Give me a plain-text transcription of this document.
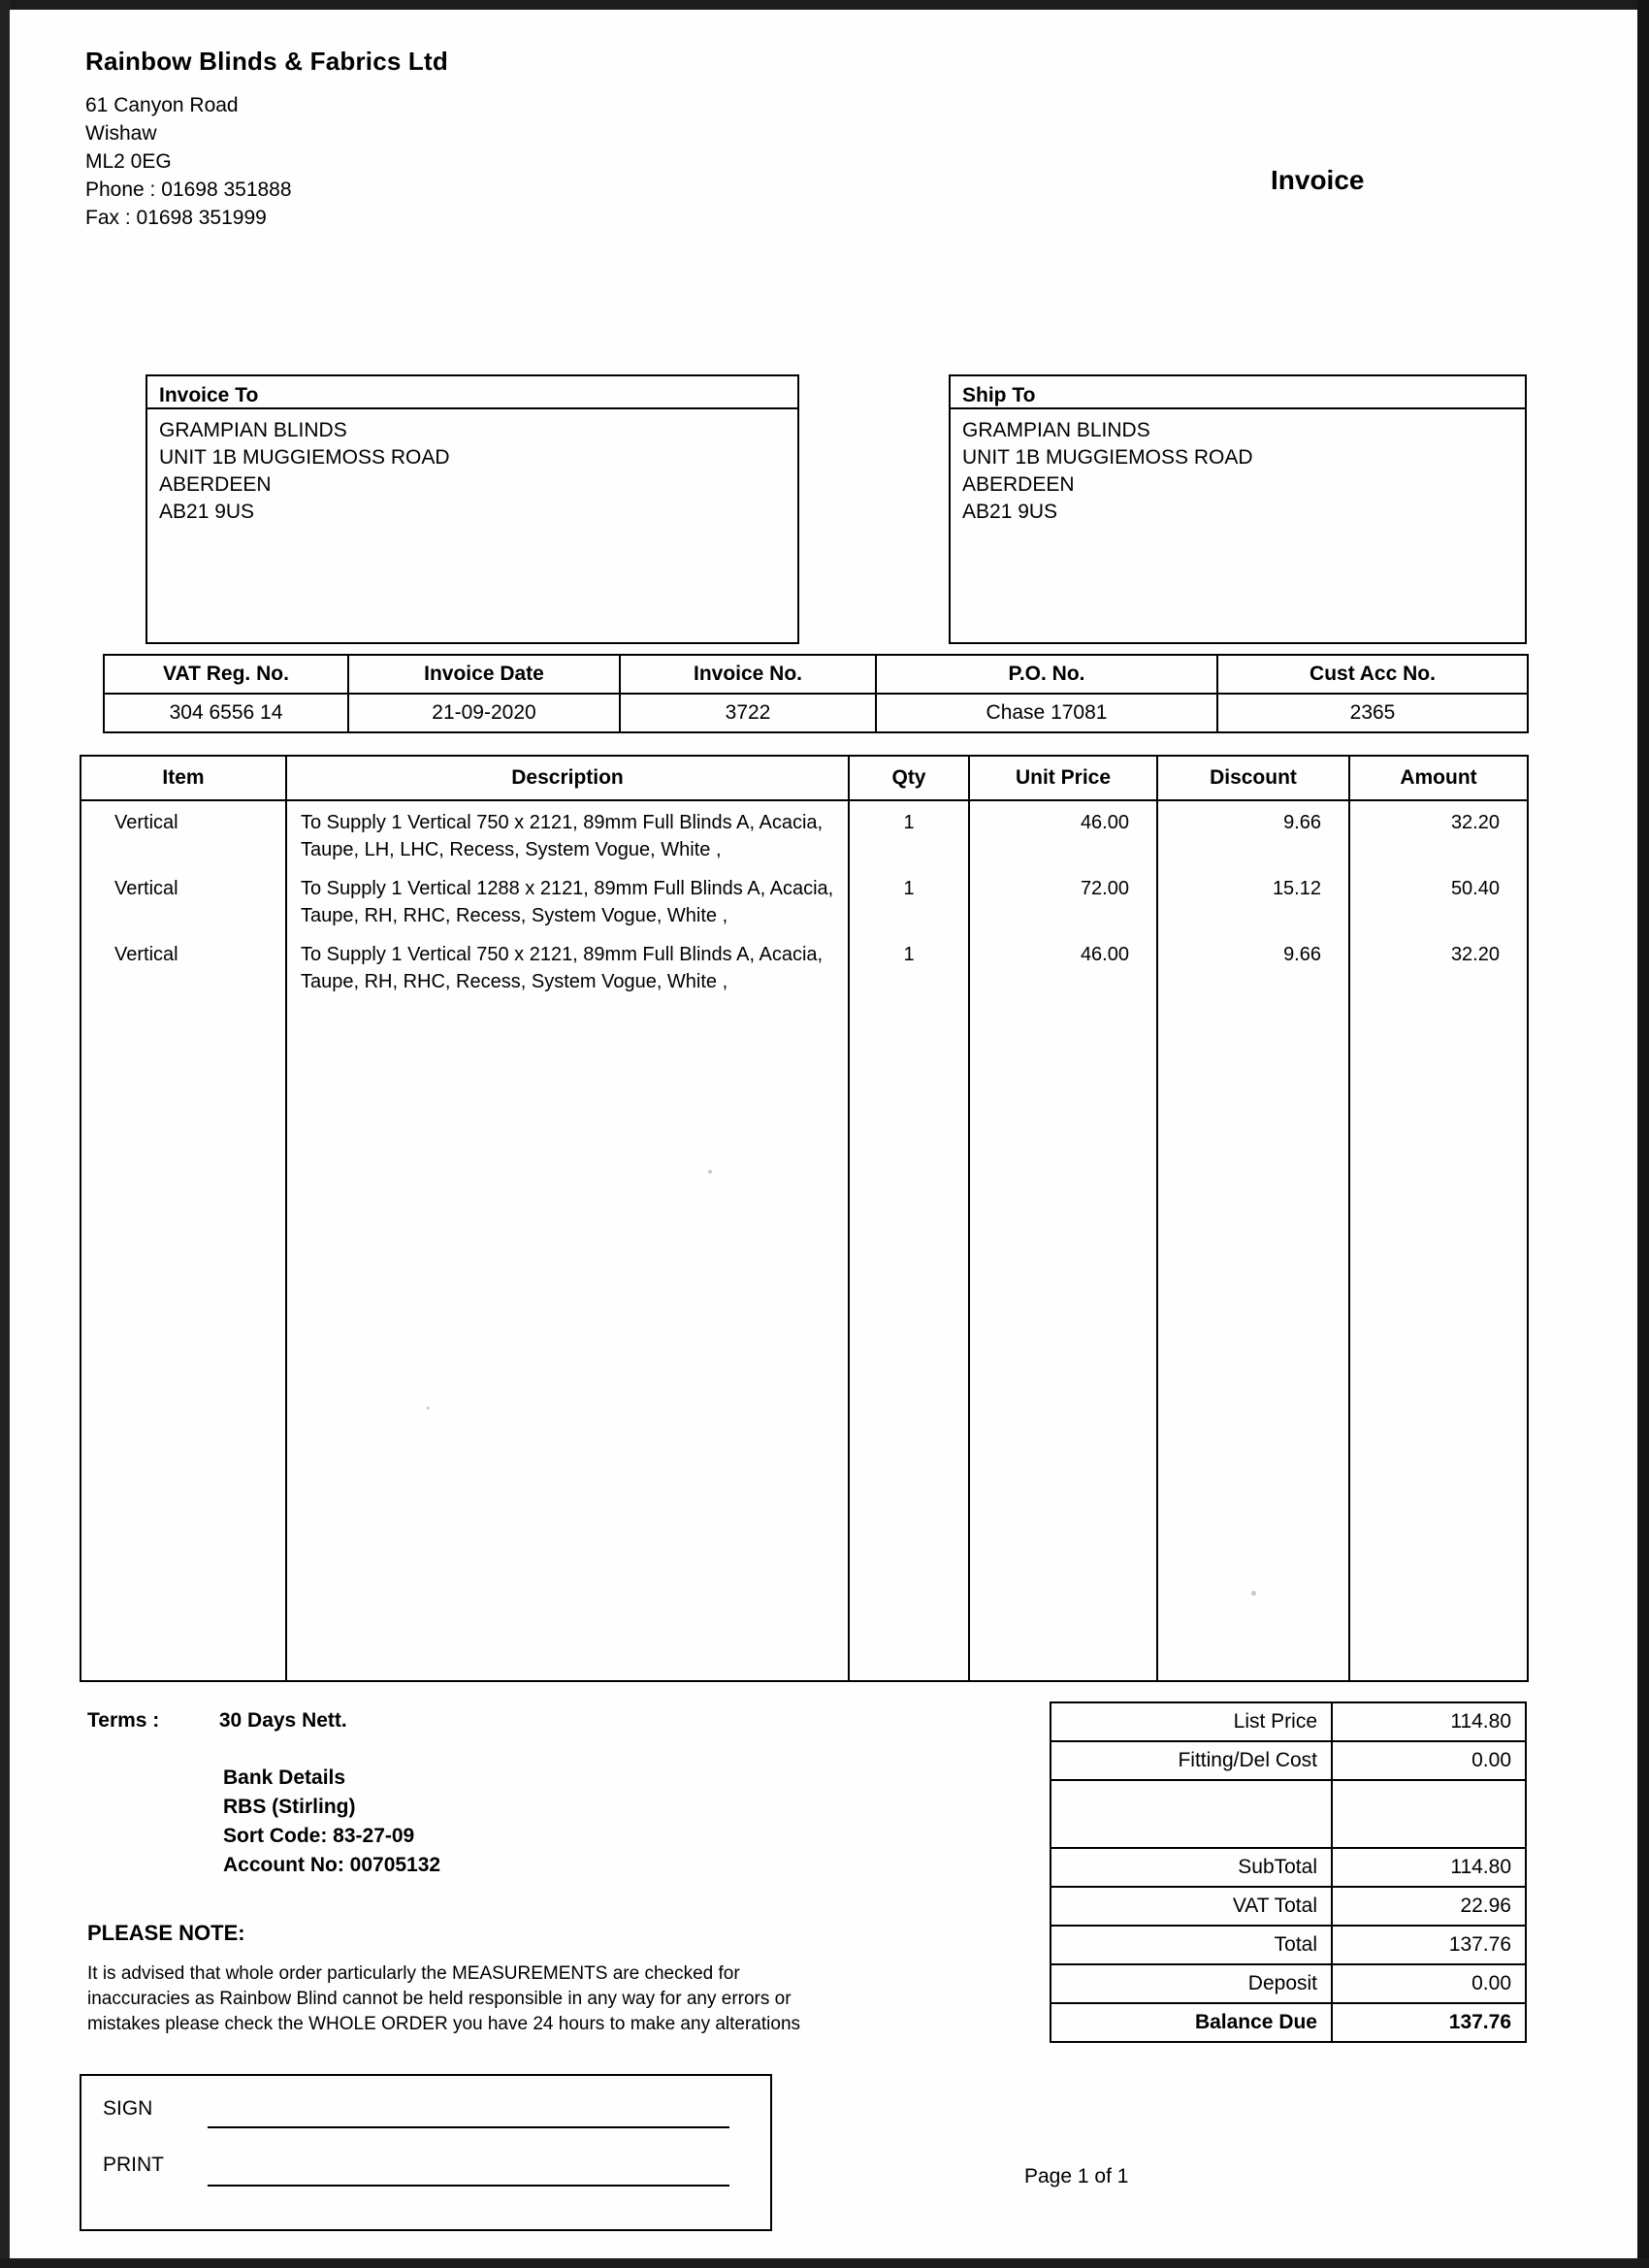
Rainbow Blinds & Fabrics Ltd
61 Canyon Road
Wishaw
ML2 0EG
Phone : 01698 351888
Fax : 01698 351999
Invoice
Invoice To
GRAMPIAN BLINDS
UNIT 1B MUGGIEMOSS ROAD
ABERDEEN
AB21 9US
Ship To
GRAMPIAN BLINDS
UNIT 1B MUGGIEMOSS ROAD
ABERDEEN
AB21 9US
VAT Reg. No.	Invoice Date	Invoice No.	P.O. No.	Cust Acc No.
304 6556 14	21-09-2020	3722	Chase 17081	2365
Item	Description	Qty	Unit Price	Discount	Amount
Vertical	To Supply 1 Vertical 750 x 2121, 89mm Full Blinds A, Acacia, Taupe, LH, LHC, Recess, System Vogue, White ,	1	46.00	9.66	32.20
Vertical	To Supply 1 Vertical 1288 x 2121, 89mm Full Blinds A, Acacia, Taupe, RH, RHC, Recess, System Vogue, White ,	1	72.00	15.12	50.40
Vertical	To Supply 1 Vertical 750 x 2121, 89mm Full Blinds A, Acacia, Taupe, RH, RHC, Recess, System Vogue, White ,	1	46.00	9.66	32.20

Terms :	30 Days Nett.
Bank Details
RBS (Stirling)
Sort Code: 83-27-09
Account No: 00705132
PLEASE NOTE:
It is advised that whole order particularly the MEASUREMENTS are checked for
inaccuracies as Rainbow Blind cannot be held responsible in any way for any errors or
mistakes please check the WHOLE ORDER you have 24 hours to make any alterations
SIGN
PRINT
List Price	114.80
Fitting/Del Cost	0.00

SubTotal	114.80
VAT Total	22.96
Total	137.76
Deposit	0.00
Balance Due	137.76
Page 1 of 1
